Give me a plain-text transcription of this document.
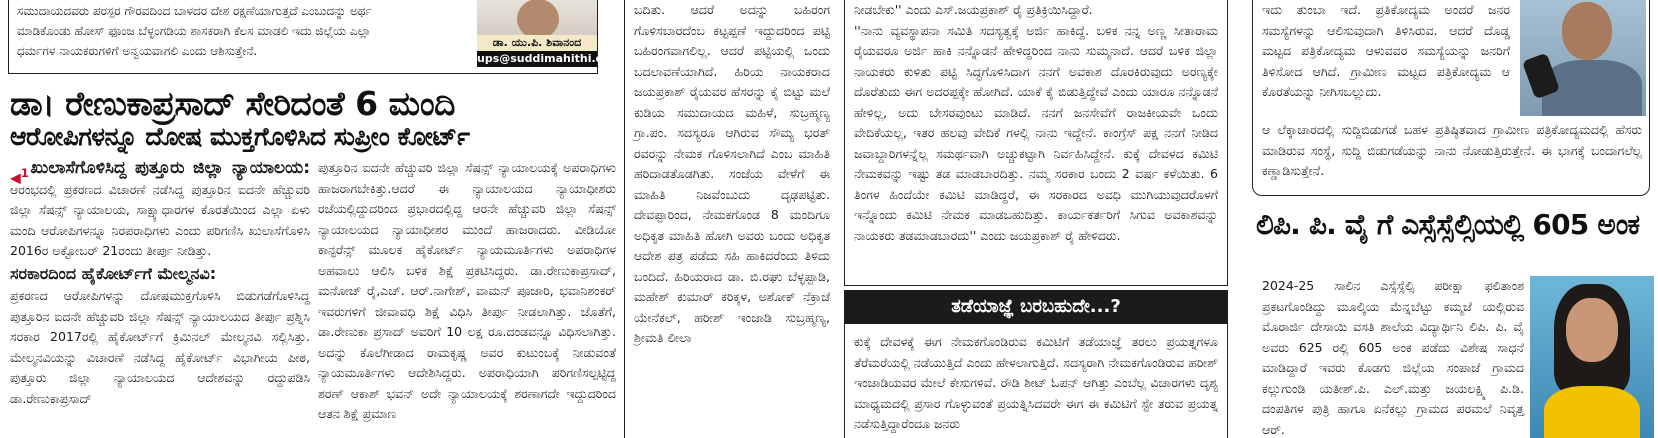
ಸಮುದಾಯದವರು ಪರಸ್ಪರ ಗೌರವದಿಂದ ಬಾಳದರ ದೇಶ ರಕ್ಷಣೆಯಾಗುತ್ತದೆ ಎಂಬುದನ್ನು ಅರ್ಥ

ಮಾಡಿಕೊಂಡು ಹೋಸ್ ಫೂಂಜ ಬೆಳ್ಳಂಗಡಿಯ ಶಾಸಕರಾಗಿ ಕೆಲಸ ಮಾಡಲಿ ಇದು ಜಿಲ್ಲೆಯ ಎಲ್ಲಾ

ಧರ್ಮಗಳ ನಾಯಕರುಗಳಿಗೆ ಅನ್ವಯವಾಗಲಿ ಎಂದು ಆಶಿಸುತ್ತೇನೆ.

ಡಾ. ಯು.ಪಿ. ಶಿವಾನಂದ
ups@suddimahithi.com
ಡಾ। ರೇಣುಕಾಪ್ರಸಾದ್ ಸೇರಿದಂತೆ 6 ಮಂದಿ
ಆರೋಪಿಗಳನ್ನೂ ದೋಷ ಮುಕ್ತಗೊಳಿಸಿದ ಸುಪ್ರೀಂ ಕೋರ್ಟ್

◀$^1$ ಖುಲಾಸೆಗೊಳಿಸಿದ್ದ ಪುತ್ತೂರು ಜಿಲ್ಲಾ ನ್ಯಾಯಾಲಯ: ಆರಂಭದಲ್ಲಿ ಪ್ರಕರಣದ ವಿಚಾರಣೆ ನಡೆಸಿದ್ದ ಪುತ್ತೂರಿನ ಐದನೇ ಹೆಚ್ಚುವರಿ ಜಿಲ್ಲಾ ಸೆಷನ್ಸ್ ನ್ಯಾಯಾಲಯ, ಸಾಕ್ಷ್ಯಾಧಾರಗಳ ಕೊರತೆಯಿಂದ ಎಲ್ಲಾ ಏಳು ಮಂದಿ ಆರೋಪಿಗಳನ್ನೂ ನಿರಪರಾಧಿಗಳು ಎಂದು ಪರಿಗಣಿಸಿ ಖುಲಾಸೆಗೊಳಿಸಿ 2016ರ ಅಕ್ಟೋಬರ್ 21ರಂದು ತೀರ್ಪು ನೀಡಿತ್ತು.

ಸರಕಾರದಿಂದ ಹೈಕೋರ್ಟ್‌ಗೆ ಮೇಲ್ಮನವಿ:

ಪ್ರಕರಣದ ಆರೋಪಿಗಳನ್ನು ದೋಷಮುಕ್ತಗೊಳಿಸಿ ಬಿಡುಗಡೆಗೊಳಿಸಿದ್ದ ಪುತ್ತೂರಿನ ಐದನೇ ಹೆಚ್ಚುವರಿ ಜಿಲ್ಲಾ ಸೆಷನ್ಸ್ ನ್ಯಾಯಾಲಯದ ತೀರ್ಪು ಪ್ರಶ್ನಿಸಿ ಸರಕಾರ 2017ರಲ್ಲಿ ಹೈಕೋರ್ಟ್‌ಗೆ ಕ್ರಿಮಿನಲ್ ಮೇಲ್ಮನವಿ ಸಲ್ಲಿಸಿತ್ತು. ಮೇಲ್ಮನವಿಯನ್ನು ವಿಚಾರಣೆ ನಡೆಸಿದ್ದ ಹೈಕೋರ್ಟ್ ವಿಭಾಗೀಯ ಪೀಠ, ಪುತ್ತೂರು ಜಿಲ್ಲಾ ನ್ಯಾಯಾಲಯದ ಆದೇಶವನ್ನು ರದ್ದುಪಡಿಸಿ ಡಾ.ರೇಣುಕಾಪ್ರಸಾದ್

ಪುತ್ತೂರಿನ ಐದನೇ ಹೆಚ್ಚುವರಿ ಜಿಲ್ಲಾ ಸೆಷನ್ಸ್ ನ್ಯಾಯಾಲಯಕ್ಕೆ ಅಪರಾಧಿಗಳು ಹಾಜರಾಗಬೇಕಿತ್ತು.ಆದರೆ ಈ ನ್ಯಾಯಾಲಯದ ನ್ಯಾಯಾಧೀಶರು ರಜೆಯಲ್ಲಿದ್ದುದರಿಂದ ಪ್ರಭಾರದಲ್ಲಿದ್ದ ಆರನೇ ಹೆಚ್ಚುವರಿ ಜಿಲ್ಲಾ ಸೆಷನ್ಸ್ ನ್ಯಾಯಾಲಯದ ನ್ಯಾಯಾಧೀಶರ ಮುಂದೆ ಹಾಜರಾದರು. ವೀಡಿಯೋ ಕಾನ್ಫರೆನ್ಸ್ ಮೂಲಕ ಹೈಕೋರ್ಟ್ ನ್ಯಾಯಮೂರ್ತಿಗಳು ಅಪರಾಧಿಗಳ ಅಹವಾಲು ಆಲಿಸಿ ಬಳಿಕ ಶಿಕ್ಷೆ ಪ್ರಕಟಿಸಿದ್ದರು. ಡಾ.ರೇಣುಕಾಪ್ರಸಾದ್, ಮನೋಜ್ ರೈ,ಎಚ್. ಆರ್.ನಾಗೇಶ್, ವಾಮನ್ ಪೂಜಾರಿ, ಭವಾನಿಶಂಕರ್ ಇವರುಗಳಿಗೆ ಜೀವಾವಧಿ ಶಿಕ್ಷೆ ವಿಧಿಸಿ ತೀರ್ಪು ನೀಡಲಾಗಿತ್ತು. ಜೊತೆಗೆ, ಡಾ.ರೇಣುಕಾ ಪ್ರಸಾದ್ ಅವರಿಗೆ 10 ಲಕ್ಷ ರೂ.ದಂಡವನ್ನೂ ವಿಧಿಸಲಾಗಿತ್ತು. ಅದನ್ನು ಕೊಲೆಗೀಡಾದ ರಾಮಕೃಷ್ಣ ಅವರ ಕುಟುಂಬಕ್ಕೆ ನೀಡುವಂತೆ ನ್ಯಾಯಮೂರ್ತಿಗಳು ಆದೇಶಿಸಿದ್ದರು. ಅಪರಾಧಿಯಾಗಿ ಪರಿಗಣಿಸಲ್ಪಟ್ಟಿದ್ದ ಶರಣ್ ಆಕಾಶ್ ಭವನ್ ಅದೇ ನ್ಯಾಯಾಲಯಕ್ಕೆ ಶರಣಾಗದೇ ಇದ್ದುದರಿಂದ ಆತನ ಶಿಕ್ಷೆ ಪ್ರಮಾಣ

ಬದಿತು. ಆದರೆ ಅದನ್ನು ಬಹಿರಂಗ ಗೊಳಿಸಬಾರದೆಂಬ ಕಟ್ಟಪ್ಪಣೆ ಇದ್ದುದರಿಂದ ಪಟ್ಟಿ ಬಹಿರಂಗವಾಗಲಿಲ್ಲ. ಆದರೆ ಪಟ್ಟಿಯಲ್ಲಿ ಒಂದು ಬದಲಾವಣೆಯಾಗಿದೆ. ಹಿರಿಯ ನಾಯಕರಾದ ಜಯಪ್ರಕಾಶ್ ರೈಯವರ ಹೆಸರನ್ನು ಕೈ ಬಿಟ್ಟು ಮಲೆ ಕುಡಿಯ ಸಮುದಾಯದ ಮಹಿಳೆ, ಸುಬ್ರಹ್ಮಣ್ಯ ಗ್ರಾ.ಪಂ. ಸದಸ್ಯರೂ ಆಗಿರುವ ಸೌಮ್ಯ ಭರತ್ ರವರನ್ನು ನೇಮಕ ಗೊಳಿಸಲಾಗಿದೆ ಎಂಬ ಮಾಹಿತಿ ಹರಿದಾಡತೊಡಗಿತು. ಸಂಜೆಯ ವೇಳೆಗೆ ಈ ಮಾಹಿತಿ ನಿಜವೆಂಬುದು ದೃಢಪಟ್ಟಿತು. ದೇವಪ್ಪಾರಿಂದ, ನೇಮಕಗೊಂಡ 8 ಮಂದಿಗೂ ಅಧಿಕೃತ ಮಾಹಿತಿ ಹೋಗಿ ಅವರು ಬಂದು ಅಧಿಕೃತ ಆದೇಶ ಪತ್ರ ಪಡೆದು ಸಹಿ ಹಾಕಿದರೆಂದು ತಿಳಿದು ಬಂದಿದೆ. ಹಿರಿಯರಾದ ಡಾ. ಬಿ.ರಘು ಬೆಳ್ಳಪ್ಪಾಡಿ, ಮಹೇಶ್ ಕುಮಾರ್ ಕರಿಕ್ಕಳ, ಅಶೋಕ್ ನೆಕ್ರಾಜೆ ಯೇನೆಕಲ್, ಹರೀಶ್ ಇಂಜಾಡಿ ಸುಬ್ರಹ್ಮಣ್ಯ, ಶ್ರೀಮತಿ ಲೀಲಾ

ನೀಡಬೇಕು'' ಎಂದು ಎಸ್.ಜಯಪ್ರಕಾಶ್ ರೈ ಪ್ರತಿಕ್ರಿಯಿಸಿದ್ದಾರೆ.

''ನಾನು ವ್ಯವಸ್ಥಾಪನಾ ಸಮಿತಿ ಸದಸ್ಯತ್ವಕ್ಕೆ ಅರ್ಜಿ ಹಾಕಿದ್ದೆ. ಬಳಿಕ ನನ್ನ ಅಣ್ಣ ಸೀತಾರಾಮ ರೈಯವರೂ ಅರ್ಜಿ ಹಾಕಿ ನನ್ನೊಡನೆ ಹೇಳಿದ್ದರಿಂದ ನಾನು ಸುಮ್ಮನಾದೆ. ಆದರೆ ಬಳಿಕ ಜಿಲ್ಲಾ ನಾಯಕರು ಕುಳಿತು ಪಟ್ಟಿ ಸಿದ್ಧಗೊಳಿಸಿದಾಗ ನನಗೆ ಅವಕಾಶ ದೊರಕಿರುವುದು ಅರಣ್ಯಕ್ಕೇ ದೊರೆತುದು ಈಗ ಅದರಪ್ಪಕ್ಕೇ ಹೋಗಿದೆ. ಯಾಕೆ ಕೈ ಬಿಡುತ್ತಿದ್ದೇವೆ ಎಂದು ಯಾರೂ ನನ್ನೊಡನೆ ಹೇಳಿಲ್ಲ, ಅದು ಬೇಸರವುಂಟು ಮಾಡಿದೆ. ನನಗೆ ಜನಸೇವೆಗೆ ರಾಜಕೀಯವೇ ಒಂದು ವೇದಿಕೆಯಲ್ಲ, ಇತರ ಹಲವು ವೇದಿಕೆ ಗಳಲ್ಲಿ ನಾನು ಇದ್ದೇನೆ. ಕಾಂಗ್ರೆಸ್ ಪಕ್ಷ ನನಗೆ ನೀಡಿದ ಜವಾಬ್ದಾರಿಗಳನ್ನೆಲ್ಲ ಸಮರ್ಥವಾಗಿ ಅಚ್ಚುಕಟ್ಟಾಗಿ ನಿರ್ವಹಿಸಿದ್ದೇನೆ. ಕುಕ್ಕೆ ದೇವಳದ ಕಮಿಟಿ ನೇಮಕವನ್ನು ಇಷ್ಟು ತಡ ಮಾಡಬಾರದಿತ್ತು. ನಮ್ಮ ಸರಕಾರ ಬಂದು 2 ವರ್ಷ ಕಳೆಯಿತು. 6 ತಿಂಗಳ ಹಿಂದೆಯೇ ಕಮಿಟಿ ಮಾಡಿದ್ದರೆ, ಈ ಸರಕಾರದ ಅವಧಿ ಮುಗಿಯುವುದರೊಳಗೆ ಇನ್ನೊಂದು ಕಮಿಟಿ ನೇಮಕ ಮಾಡಬಹುದಿತ್ತು. ಕಾರ್ಯಕರ್ತರಿಗೆ ಸಿಗುವ ಅವಕಾಶವನ್ನು ನಾಯಕರು ತಡಮಾಡಬಾರದು'' ಎಂದು ಜಯಪ್ರಕಾಶ್ ರೈ ಹೇಳಿದರು.

ತಡೆಯಾಜ್ಞೆ ಬರಬಹುದೇ...?

ಕುಕ್ಕೆ ದೇವಳಕ್ಕೆ ಈಗ ನೇಮಕಗೊಂಡಿರುವ ಕಮಿಟಿಗೆ ತಡೆಯಾಜ್ಞೆ ತರಲು ಪ್ರಯತ್ನಗಳೂ ತೆರೆಮರೆಯಲ್ಲಿ ನಡೆಯುತ್ತಿದೆ ಎಂದು ಹೇಳಲಾಗುತ್ತಿದೆ. ಸದಸ್ಯರಾಗಿ ನೇಮಕಗೊಂಡಿರುವ ಹರೀಶ್ ಇಂಜಾಡಿಯವರ ಮೇಲೆ ಕೇಸುಗಳಿವೆ. ರೌಡಿ ಶೀಟ್ ಓಪನ್ ಆಗಿತ್ತು ಎಂಬೆಲ್ಲ ವಿಚಾರಗಳು ದೃಶ್ಯ ಮಾಧ್ಯಮದಲ್ಲಿ ಪ್ರಸಾರ ಗೊಳ್ಳುವಂತೆ ಪ್ರಯತ್ನಿಸಿದವರೇ ಈಗ ಈ ಕಮಿಟಿಗೆ ಸ್ಟೇ ತರುವ ಪ್ರಯತ್ನ ನಡೆಸುತ್ತಿದ್ದಾರೆಂದೂ ಜನರು

ಇದು ತುಂಬಾ ಇದೆ. ಪ್ರತಿಕೋದ್ಯಮ ಅಂದರೆ ಜನರ ಸಮಸ್ಯೆಗಳನ್ನು ಆಲಿಸುವುದಾಗಿ ತಿಳಿಸಿರುವ. ಆದರೆ ದೊಡ್ಡ ಮಟ್ಟದ ಪತ್ರಿಕೋದ್ಯಮ ಆಳುವವರ ಸಮಸ್ಯೆಯನ್ನು ಜನರಿಗೆ ತಿಳಿಸೋದ ಆಗಿದೆ. ಗ್ರಾಮೀಣ ಮಟ್ಟದ ಪತ್ರಿಕೋದ್ಯಮ ಆ ಕೊರತೆಯನ್ನು ನೀಗಿಸಬಲ್ಲುದು.

ಆ ಲೆಕ್ಕಾಚಾರದಲ್ಲಿ ಸುದ್ದಿಬಿಡುಗಡೆ ಬಹಳ ಪ್ರತಿಷ್ಠಿತವಾದ ಗ್ರಾಮೀಣ ಪತ್ರಿಕೋದ್ಯಮದಲ್ಲಿ ಹೆಸರು ಮಾಡಿರುವ ಸಂಸ್ಥೆ, ಸುದ್ದಿ ಬಿಡುಗಡೆಯನ್ನು ನಾನು ನೋಡುತ್ತಿರುತ್ತೇನೆ. ಈ ಭಾಗಕ್ಕೆ ಬಂದಾಗಲೆಲ್ಲ ಕಣ್ಣಾಡಿಸುತ್ತೇನೆ.

ಲಿಪಿ. ಪಿ. ವೈ ಗೆ ಎಸ್ಸೆಸ್ಸೆಲ್ಸಿಯಲ್ಲಿ 605 ಅಂಕ

2024-25 ಸಾಲಿನ ಎಸ್ಸೆಸ್ಸೆಲ್ಸಿ ಪರೀಕ್ಷಾ ಫಲಿತಾಂಶ ಪ್ರಕಟಗೊಂಡಿದ್ದು ಮೂಲ್ಕಿಯ ಮೆನ್ನಬೆಟ್ಟು ಕಮ್ಮಜೆ ಯಲ್ಲಿರುವ ಮೊರಾರ್ಜಿ ದೇಸಾಯಿ ವಸತಿ ಶಾಲೆಯ ವಿದ್ಯಾರ್ಥಿನಿ ಲಿಪಿ. ಪಿ. ವೈ ಅವರು 625 ರಲ್ಲಿ 605 ಅಂಕ ಪಡೆದು ವಿಶೇಷ ಸಾಧನೆ ಮಾಡಿದ್ದಾರೆ ಇವರು ಕೊಡಗು ಜಿಲ್ಲೆಯ ಸಂಪಾಜೆ ಗ್ರಾಮದ ಕಲ್ಲುಗುಂಡಿ ಯತೀಶ್.ಪಿ. ಎಲ್.ಮತ್ತು ಜಯಲಕ್ಷ್ಮಿ ಪಿ.ಡಿ. ದಂಪತಿಗಳ ಪುತ್ರಿ ಹಾಗೂ ಏನೆಕಲ್ಲು ಗ್ರಾಮದ ಪರಮಲೆ ನಿವೃತ್ತ ಆರ್.
